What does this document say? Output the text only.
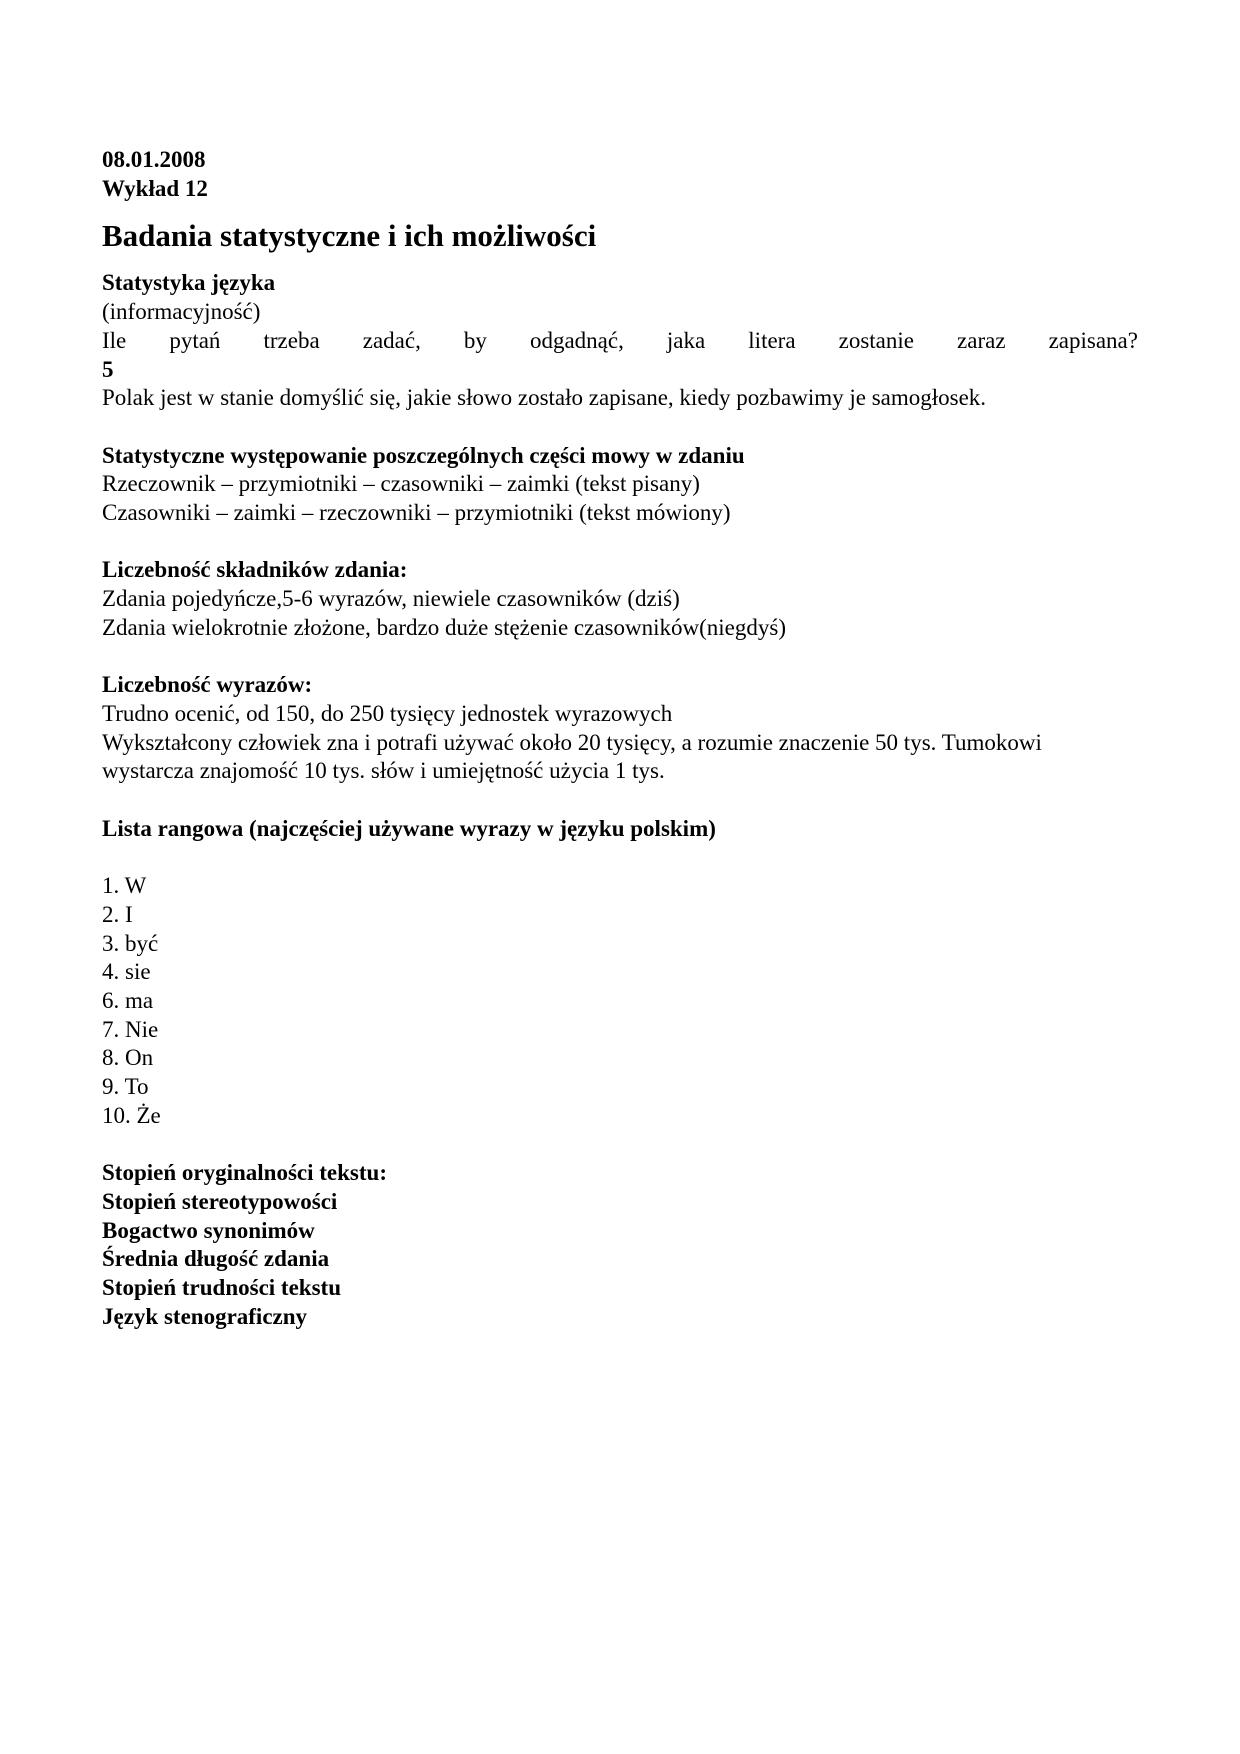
08.01.2008
Wykład 12
Badania statystyczne i ich możliwości
Statystyka języka
(informacyjność)
Ile pytań trzeba zadać, by odgadnąć, jaka litera zostanie zaraz zapisana?
5
Polak jest w stanie domyślić się, jakie słowo zostało zapisane, kiedy pozbawimy je samogłosek.
Statystyczne występowanie poszczególnych części mowy w zdaniu
Rzeczownik – przymiotniki – czasowniki – zaimki (tekst pisany)
Czasowniki – zaimki – rzeczowniki – przymiotniki (tekst mówiony)
Liczebność składników zdania:
Zdania pojedyńcze,5-6 wyrazów, niewiele czasowników (dziś)
Zdania wielokrotnie złożone, bardzo duże stężenie czasowników(niegdyś)
Liczebność wyrazów:
Trudno ocenić, od 150, do 250 tysięcy jednostek wyrazowych
Wykształcony człowiek zna i potrafi używać około 20 tysięcy, a rozumie znaczenie 50 tys. Tumokowi
wystarcza znajomość 10 tys. słów i umiejętność użycia 1 tys.
Lista rangowa (najczęściej używane wyrazy w języku polskim)
1. W
2. I
3. być
4. sie
6. ma
7. Nie
8. On
9. To
10. Że
Stopień oryginalności tekstu:
Stopień stereotypowości
Bogactwo synonimów
Średnia długość zdania
Stopień trudności tekstu
Język stenograficzny
